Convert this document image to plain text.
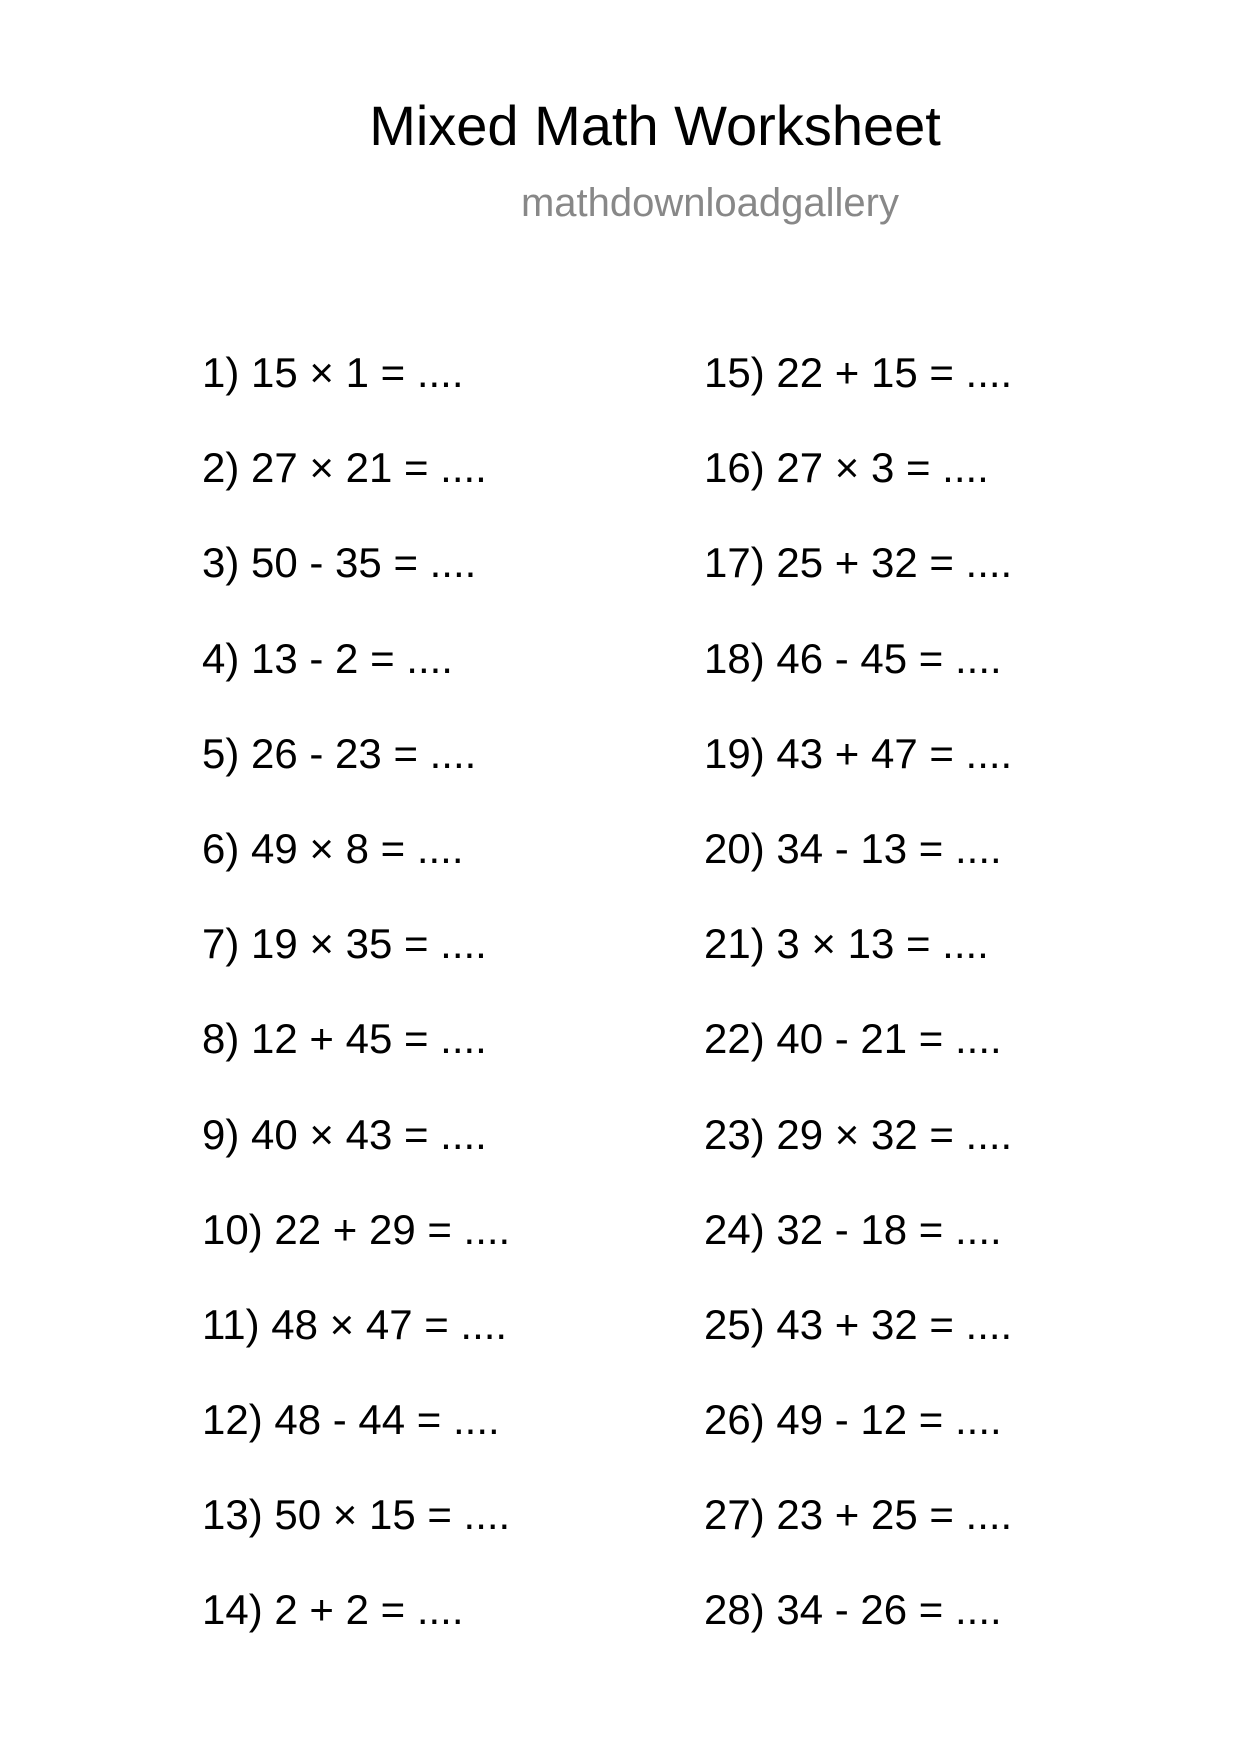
Mixed Math Worksheet
mathdownloadgallery
1) 15 × 1 = ....
2) 27 × 21 = ....
3) 50 - 35 = ....
4) 13 - 2 = ....
5) 26 - 23 = ....
6) 49 × 8 = ....
7) 19 × 35 = ....
8) 12 + 45 = ....
9) 40 × 43 = ....
10) 22 + 29 = ....
11) 48 × 47 = ....
12) 48 - 44 = ....
13) 50 × 15 = ....
14) 2 + 2 = ....
15) 22 + 15 = ....
16) 27 × 3 = ....
17) 25 + 32 = ....
18) 46 - 45 = ....
19) 43 + 47 = ....
20) 34 - 13 = ....
21) 3 × 13 = ....
22) 40 - 21 = ....
23) 29 × 32 = ....
24) 32 - 18 = ....
25) 43 + 32 = ....
26) 49 - 12 = ....
27) 23 + 25 = ....
28) 34 - 26 = ....
